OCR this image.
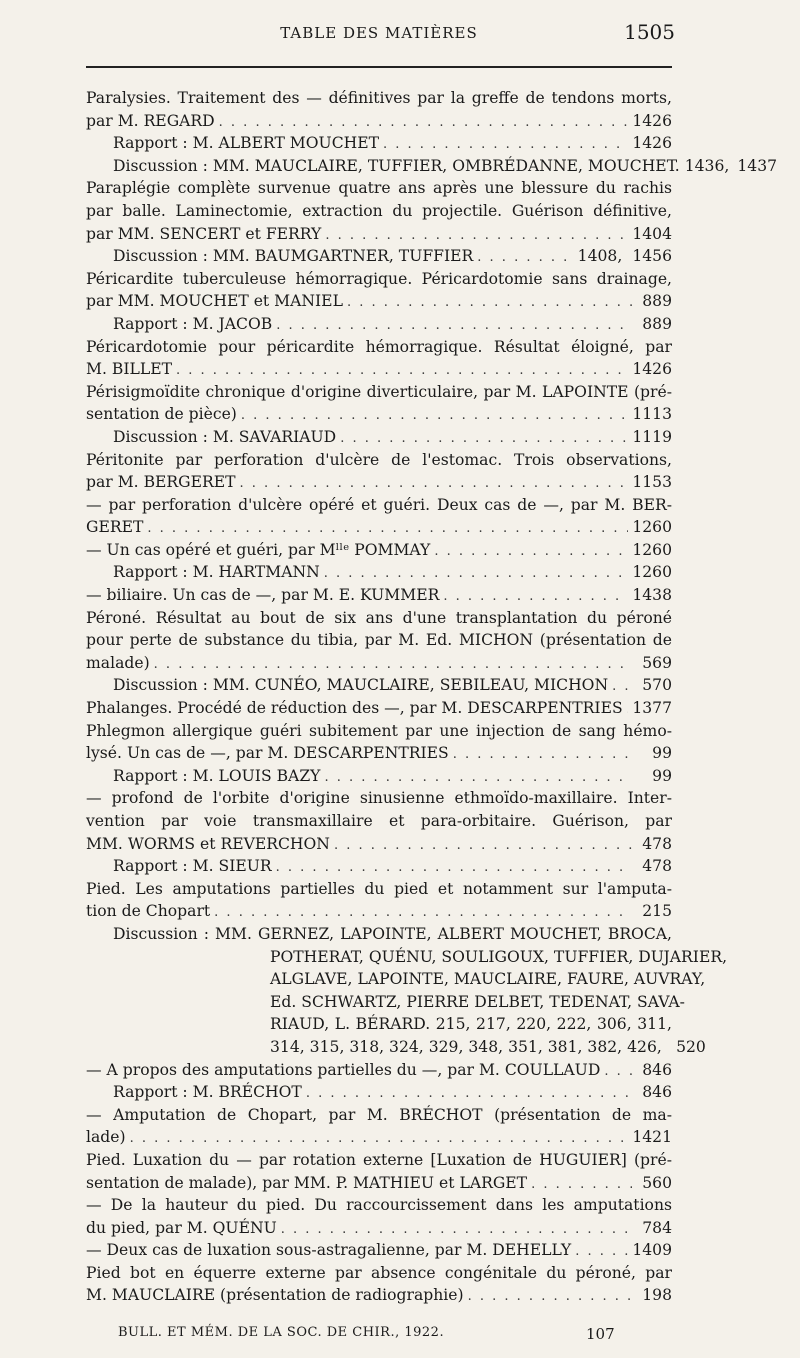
TABLE DES MATIÈRES	1505
Paralysies. Traitement des — définitives par la greffe de tendons morts,
par M. REGARD . . .	1426
Rapport : M. ALBERT MOUCHET . . .	1426
Discussion : MM. MAUCLAIRE, TUFFIER, OMBRÉDANNE, MOUCHET. 1436, 1437
Paraplégie complète survenue quatre ans après une blessure du rachis
par balle. Laminectomie, extraction du projectile. Guérison définitive,
par MM. SENCERT et FERRY . . .	1404
Discussion : MM. BAUMGARTNER, TUFFIER . . .	1408, 1456
Péricardite tuberculeuse hémorragique. Péricardotomie sans drainage,
par MM. MOUCHET et MANIEL . . .	889
Rapport : M. JACOB . . .	889
Péricardotomie pour péricardite hémorragique. Résultat éloigné, par
M. BILLET . . .	1426
Périsigmoïdite chronique d'origine diverticulaire, par M. LAPOINTE (pré-
sentation de pièce) . . .	1113
Discussion : M. SAVARIAUD . . .	1119
Péritonite par perforation d'ulcère de l'estomac. Trois observations,
par M. BERGERET . . .	1153
— par perforation d'ulcère opéré et guéri. Deux cas de —, par M. BER-
GERET . . .	1260
— Un cas opéré et guéri, par Mˡˡᵉ POMMAY . . .	1260
Rapport : M. HARTMANN . . .	1260
— biliaire. Un cas de —, par M. E. KUMMER . . .	1438
Péroné. Résultat au bout de six ans d'une transplantation du péroné
pour perte de substance du tibia, par M. Ed. MICHON (présentation de
malade) . . .	569
Discussion : MM. CUNÉO, MAUCLAIRE, SEBILEAU, MICHON . . .	570
Phalanges. Procédé de réduction des —, par M. DESCARPENTRIES . . . 1377
Phlegmon allergique guéri subitement par une injection de sang hémo-
lysé. Un cas de —, par M. DESCARPENTRIES . . .	99
Rapport : M. LOUIS BAZY . . .	99
— profond de l'orbite d'origine sinusienne ethmoïdo-maxillaire. Inter-
vention par voie transmaxillaire et para-orbitaire. Guérison, par
MM. WORMS et REVERCHON . . .	478
Rapport : M. SIEUR . . .	478
Pied. Les amputations partielles du pied et notamment sur l'amputa-
tion de Chopart . . .	215
Discussion : MM. GERNEZ, LAPOINTE, ALBERT MOUCHET, BROCA,
POTHERAT, QUÉNU, SOULIGOUX, TUFFIER, DUJARIER,
ALGLAVE, LAPOINTE, MAUCLAIRE, FAURE, AUVRAY,
Ed. SCHWARTZ, PIERRE DELBET, TEDENAT, SAVA-
RIAUD, L. BÉRARD. 215, 217, 220, 222, 306, 311,
314, 315, 318, 324, 329, 348, 351, 381, 382, 426, 520
— A propos des amputations partielles du —, par M. COULLAUD . . .	846
Rapport : M. BRÉCHOT . . .	846
— Amputation de Chopart, par M. BRÉCHOT (présentation de ma-
lade) . . .	1421
Pied. Luxation du — par rotation externe [Luxation de HUGUIER] (pré-
sentation de malade), par MM. P. MATHIEU et LARGET . . .	560
— De la hauteur du pied. Du raccourcissement dans les amputations
du pied, par M. QUÉNU . . .	784
— Deux cas de luxation sous-astragalienne, par M. DEHELLY . . .	1409
Pied bot en équerre externe par absence congénitale du péroné, par
M. MAUCLAIRE (présentation de radiographie) . . .	198
BULL. ET MÉM. DE LA SOC. DE CHIR., 1922.	107
